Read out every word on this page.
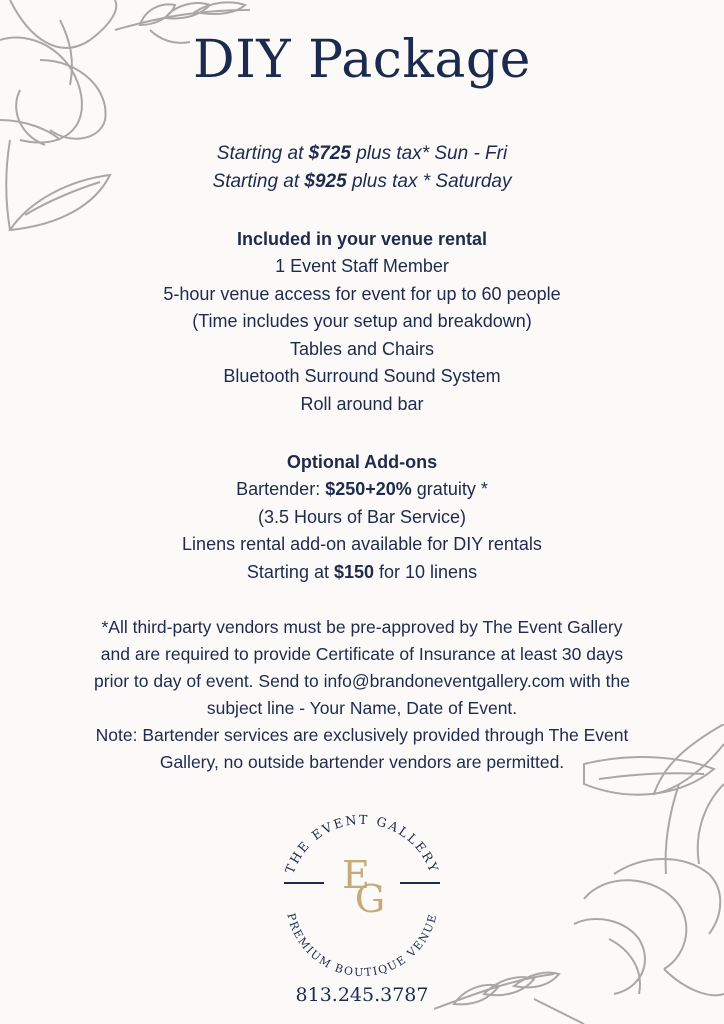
DIY Package
Starting at $725 plus tax* Sun - Fri
Starting at $925 plus tax * Saturday
Included in your venue rental
1 Event Staff Member
5-hour venue access for event for up to 60 people
(Time includes your setup and breakdown)
Tables and Chairs
Bluetooth Surround Sound System
Roll around bar
Optional Add-ons
Bartender: $250+20% gratuity *
(3.5 Hours of Bar Service)
Linens rental add-on available for DIY rentals
Starting at $150 for 10 linens
*All third-party vendors must be pre-approved by The Event Gallery
and are required to provide Certificate of Insurance at least 30 days
prior to day of event. Send to info@brandoneventgallery.com with the
subject line - Your Name, Date of Event.
Note: Bartender services are exclusively provided through The Event
Gallery, no outside bartender vendors are permitted.
THE EVENT GALLERY
PREMIUM BOUTIQUE VENUE
E
G
813.245.3787
